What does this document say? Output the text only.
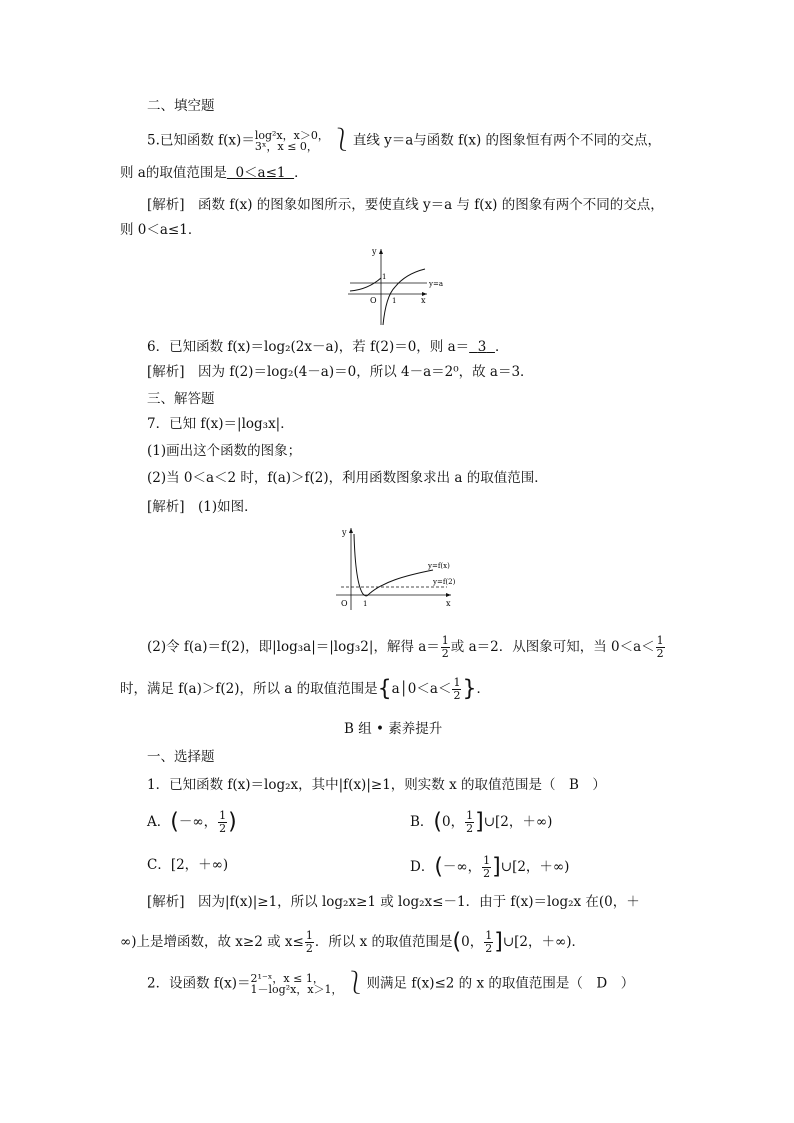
二、填空题
5.已知函数 f(x)＝ log²x，x＞0，
3ˣ，x ≤ 0， ⎱直线 y＝a与函数 f(x) 的图象恒有两个不同的交点，
则 a的取值范围是 0＜a≤1 ．
[解析]　函数 f(x) 的图象如图所示，要使直线 y＝a 与 f(x) 的图象有两个不同的交点，
则 0＜a≤1．
y
x
O
1
1
y=a
6．已知函数 f(x)＝log₂(2x－a)，若 f(2)＝0，则 a＝ 3 ．
[解析]　因为 f(2)＝log₂(4－a)＝0，所以 4－a＝2⁰，故 a＝3．
三、解答题
7．已知 f(x)＝|log₃x|．
(1)画出这个函数的图象；
(2)当 0＜a＜2 时，f(a)＞f(2)，利用函数图象求出 a 的取值范围．
[解析]　(1)如图．
y
x
O 1
y=f(x)
y=f(2)
(2)令 f(a)＝f(2)，即|log₃a|＝|log₃2|，解得 $a= \frac{1}{2}$ 或 a＝2．从图象可知，当 $0<a< \frac{1}{2}$
时，满足 f(a)＞f(2)，所以 a 的取值范围是{a│0＜a＜ $\frac{1}{2}$ }．
B 组 • 素养提升
一、选择题
1．已知函数 f(x)＝log₂x，其中|f(x)|≥1，则实数 x 的取值范围是（　B　）
A．(－∞， $\frac{1}{2}$ )	B．(0， $\frac{1}{2}$ ]∪[2，＋∞)
C．[2，＋∞)	D．(－∞， $\frac{1}{2}$ ]∪[2，＋∞)
[解析]　因为|f(x)|≥1，所以 log₂x≥1 或 log₂x≤－1．由于 f(x)＝log₂x 在(0，＋
∞)上是增函数，故 x≥2 或 $x\le \frac{1}{2}$ ．所以 x 的取值范围是(0， $\frac{1}{2}$ ]∪[2，＋∞)．
2．设函数 f(x)＝ 2¹⁻ˣ，x ≤ 1，
1－log²x，x＞1， ⎱则满足 f(x)≤2 的 x 的取值范围是（　D　）
